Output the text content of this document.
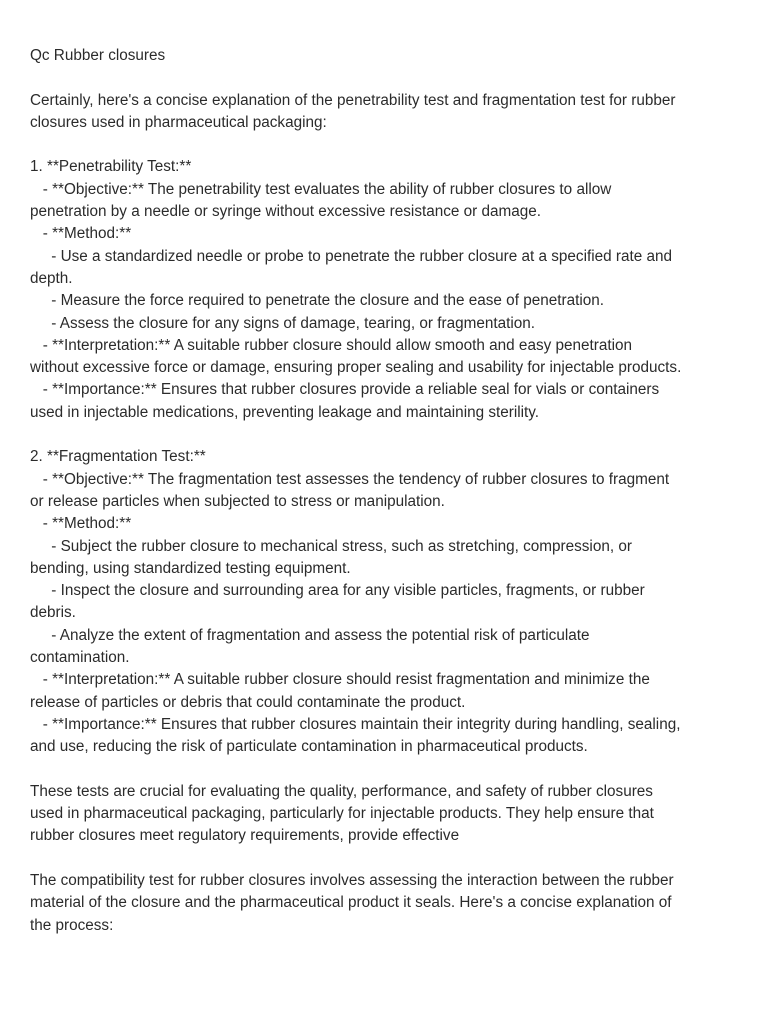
Qc Rubber closures
Certainly, here's a concise explanation of the penetrability test and fragmentation test for rubber
closures used in pharmaceutical packaging:
1. **Penetrability Test:**
- **Objective:** The penetrability test evaluates the ability of rubber closures to allow
penetration by a needle or syringe without excessive resistance or damage.
- **Method:**
- Use a standardized needle or probe to penetrate the rubber closure at a specified rate and
depth.
- Measure the force required to penetrate the closure and the ease of penetration.
- Assess the closure for any signs of damage, tearing, or fragmentation.
- **Interpretation:** A suitable rubber closure should allow smooth and easy penetration
without excessive force or damage, ensuring proper sealing and usability for injectable products.
- **Importance:** Ensures that rubber closures provide a reliable seal for vials or containers
used in injectable medications, preventing leakage and maintaining sterility.
2. **Fragmentation Test:**
- **Objective:** The fragmentation test assesses the tendency of rubber closures to fragment
or release particles when subjected to stress or manipulation.
- **Method:**
- Subject the rubber closure to mechanical stress, such as stretching, compression, or
bending, using standardized testing equipment.
- Inspect the closure and surrounding area for any visible particles, fragments, or rubber
debris.
- Analyze the extent of fragmentation and assess the potential risk of particulate
contamination.
- **Interpretation:** A suitable rubber closure should resist fragmentation and minimize the
release of particles or debris that could contaminate the product.
- **Importance:** Ensures that rubber closures maintain their integrity during handling, sealing,
and use, reducing the risk of particulate contamination in pharmaceutical products.
These tests are crucial for evaluating the quality, performance, and safety of rubber closures
used in pharmaceutical packaging, particularly for injectable products. They help ensure that
rubber closures meet regulatory requirements, provide effective
The compatibility test for rubber closures involves assessing the interaction between the rubber
material of the closure and the pharmaceutical product it seals. Here's a concise explanation of
the process:
